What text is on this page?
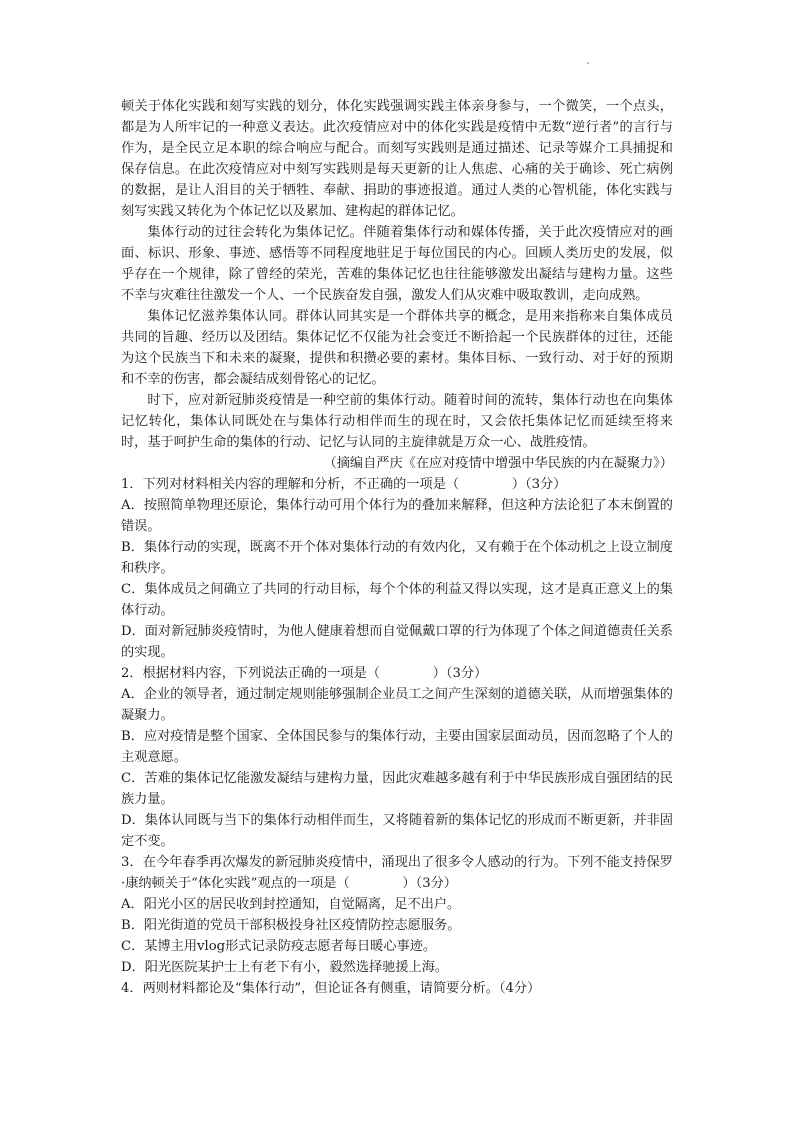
顿关于体化实践和刻写实践的划分，体化实践强调实践主体亲身参与，一个微笑，一个点头，都是为人所牢记的一种意义表达。此次疫情应对中的体化实践是疫情中无数“逆行者”的言行与作为，是全民立足本职的综合响应与配合。而刻写实践则是通过描述、记录等媒介工具捕捉和保存信息。在此次疫情应对中刻写实践则是每天更新的让人焦虑、心痛的关于确诊、死亡病例的数据，是让人泪目的关于牺牲、奉献、捐助的事迹报道。通过人类的心智机能，体化实践与刻写实践又转化为个体记忆以及累加、建构起的群体记忆。

集体行动的过往会转化为集体记忆。伴随着集体行动和媒体传播，关于此次疫情应对的画面、标识、形象、事迹、感悟等不同程度地驻足于每位国民的内心。回顾人类历史的发展，似乎存在一个规律，除了曾经的荣光，苦难的集体记忆也往往能够激发出凝结与建构力量。这些不幸与灾难往往激发一个人、一个民族奋发自强，激发人们从灾难中吸取教训，走向成熟。

集体记忆滋养集体认同。群体认同其实是一个群体共享的概念，是用来指称来自集体成员共同的旨趣、经历以及团结。集体记忆不仅能为社会变迁不断拾起一个民族群体的过往，还能为这个民族当下和未来的凝聚，提供和积攒必要的素材。集体目标、一致行动、对于好的预期和不幸的伤害，都会凝结成刻骨铭心的记忆。

时下，应对新冠肺炎疫情是一种空前的集体行动。随着时间的流转，集体行动也在向集体记忆转化，集体认同既处在与集体行动相伴而生的现在时，又会依托集体记忆而延续至将来时，基于呵护生命的集体的行动、记忆与认同的主旋律就是万众一心、战胜疫情。

（摘编自严庆《在应对疫情中增强中华民族的内在凝聚力》）

1．下列对材料相关内容的理解和分析，不正确的一项是（　　　　）（3分）

A．按照简单物理还原论，集体行动可用个体行为的叠加来解释，但这种方法论犯了本末倒置的错误。

B．集体行动的实现，既离不开个体对集体行动的有效内化，又有赖于在个体动机之上设立制度和秩序。

C．集体成员之间确立了共同的行动目标，每个个体的利益又得以实现，这才是真正意义上的集体行动。

D．面对新冠肺炎疫情时，为他人健康着想而自觉佩戴口罩的行为体现了个体之间道德责任关系的实现。

2．根据材料内容，下列说法正确的一项是（　　　　）（3分）

A．企业的领导者，通过制定规则能够强制企业员工之间产生深刻的道德关联，从而增强集体的凝聚力。

B．应对疫情是整个国家、全体国民参与的集体行动，主要由国家层面动员，因而忽略了个人的主观意愿。

C．苦难的集体记忆能激发凝结与建构力量，因此灾难越多越有利于中华民族形成自强团结的民族力量。

D．集体认同既与当下的集体行动相伴而生，又将随着新的集体记忆的形成而不断更新，并非固定不变。

3．在今年春季再次爆发的新冠肺炎疫情中，涌现出了很多令人感动的行为。下列不能支持保罗·康纳顿关于“体化实践”观点的一项是（　　　　）（3分）

A．阳光小区的居民收到封控通知，自觉隔离，足不出户。

B．阳光街道的党员干部积极投身社区疫情防控志愿服务。

C．某博主用vlog形式记录防疫志愿者每日暖心事迹。

D．阳光医院某护士上有老下有小，毅然选择驰援上海。

4．两则材料都论及“集体行动”，但论证各有侧重，请简要分析。（4分）
